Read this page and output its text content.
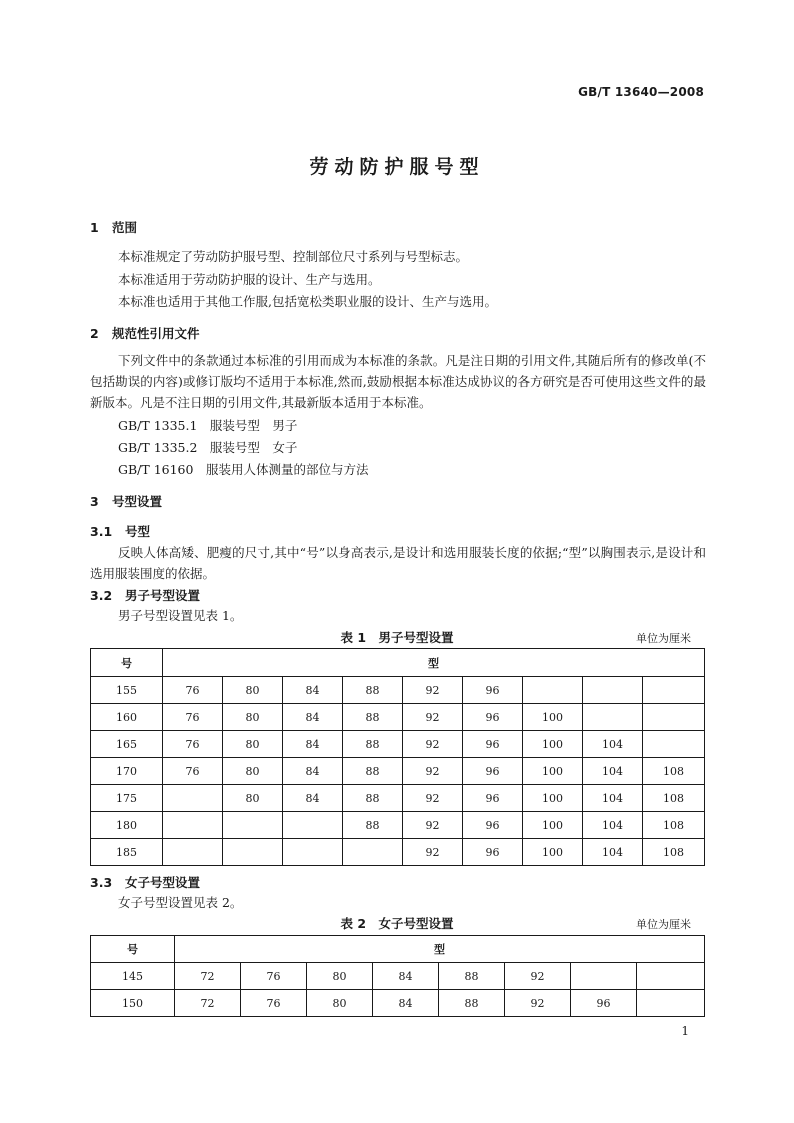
GB/T 13640—2008
劳动防护服号型
1 范围
本标准规定了劳动防护服号型、控制部位尺寸系列与号型标志。
本标准适用于劳动防护服的设计、生产与选用。
本标准也适用于其他工作服,包括宽松类职业服的设计、生产与选用。
2 规范性引用文件
下列文件中的条款通过本标准的引用而成为本标准的条款。凡是注日期的引用文件,其随后所有的修改单(不包括勘误的内容)或修订版均不适用于本标准,然而,鼓励根据本标准达成协议的各方研究是否可使用这些文件的最新版本。凡是不注日期的引用文件,其最新版本适用于本标准。
GB/T 1335.1　服装号型　男子
GB/T 1335.2　服装号型　女子
GB/T 16160　服装用人体测量的部位与方法
3 号型设置
3.1 号型
反映人体高矮、肥瘦的尺寸,其中“号”以身高表示,是设计和选用服装长度的依据;“型”以胸围表示,是设计和选用服装围度的依据。
3.2 男子号型设置
男子号型设置见表 1。
表 1　男子号型设置	单位为厘米
号	型								
155	76	80	84	88	92	96			
160	76	80	84	88	92	96	100		
165	76	80	84	88	92	96	100	104	
170	76	80	84	88	92	96	100	104	108
175		80	84	88	92	96	100	104	108
180				88	92	96	100	104	108
185					92	96	100	104	108
3.3 女子号型设置
女子号型设置见表 2。
表 2　女子号型设置	单位为厘米
号	型							
145	72	76	80	84	88	92		
150	72	76	80	84	88	92	96	
1
